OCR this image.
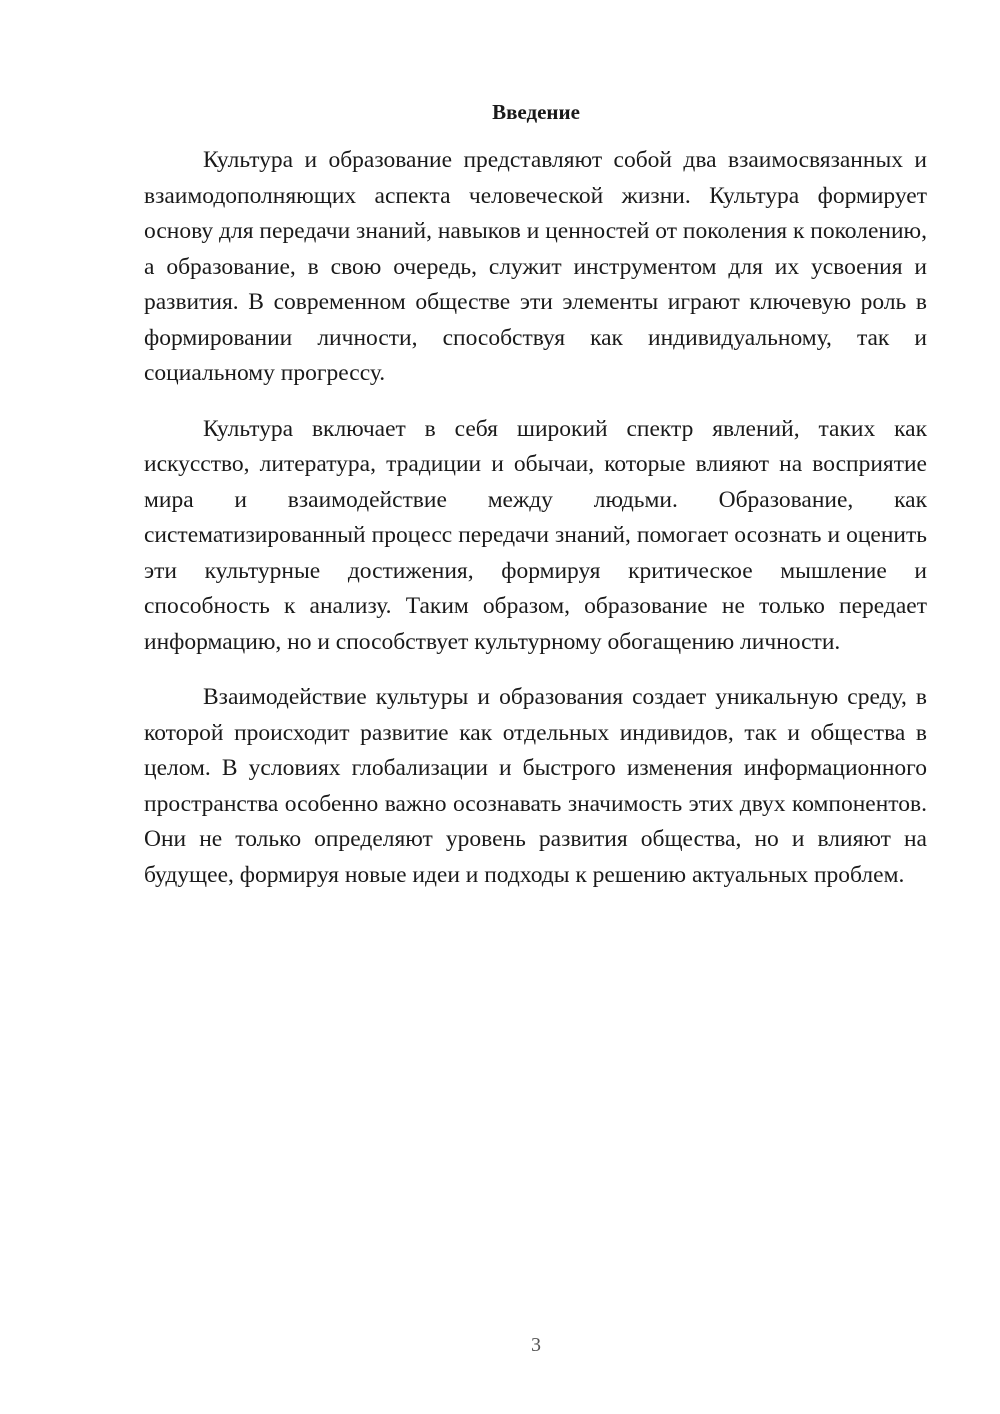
Введение

Культура и образование представляют собой два взаимосвязанных и взаимодополняющих аспекта человеческой жизни. Культура формирует основу для передачи знаний, навыков и ценностей от поколения к поколению, а образование, в свою очередь, служит инструментом для их усвоения и развития. В современном обществе эти элементы играют ключевую роль в формировании личности, способствуя как индивидуальному, так и социальному прогрессу.

Культура включает в себя широкий спектр явлений, таких как искусство, литература, традиции и обычаи, которые влияют на восприятие мира и взаимодействие между людьми. Образование, как систематизированный процесс передачи знаний, помогает осознать и оценить эти культурные достижения, формируя критическое мышление и способность к анализу. Таким образом, образование не только передает информацию, но и способствует культурному обогащению личности.

Взаимодействие культуры и образования создает уникальную среду, в которой происходит развитие как отдельных индивидов, так и общества в целом. В условиях глобализации и быстрого изменения информационного пространства особенно важно осознавать значимость этих двух компонентов. Они не только определяют уровень развития общества, но и влияют на будущее, формируя новые идеи и подходы к решению актуальных проблем.

3
